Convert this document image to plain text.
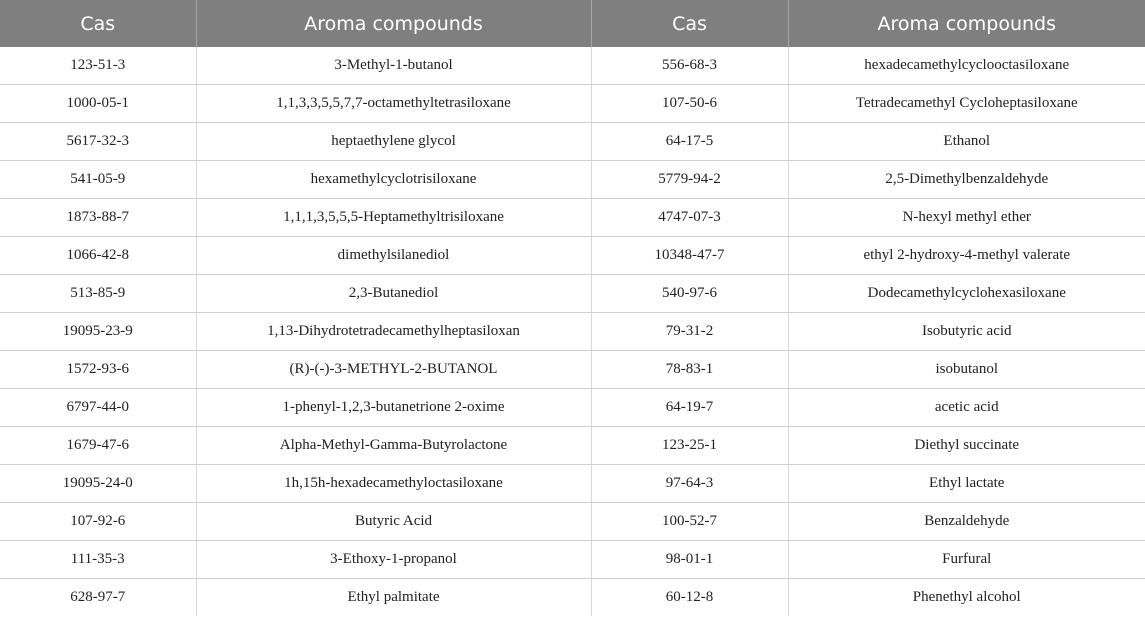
Cas	Aroma compounds	Cas	Aroma compounds
123-51-3	3-Methyl-1-butanol	556-68-3	hexadecamethylcyclooctasiloxane
1000-05-1	1,1,3,3,5,5,7,7-octamethyltetrasiloxane	107-50-6	Tetradecamethyl Cycloheptasiloxane
5617-32-3	heptaethylene glycol	64-17-5	Ethanol
541-05-9	hexamethylcyclotrisiloxane	5779-94-2	2,5-Dimethylbenzaldehyde
1873-88-7	1,1,1,3,5,5,5-Heptamethyltrisiloxane	4747-07-3	N-hexyl methyl ether
1066-42-8	dimethylsilanediol	10348-47-7	ethyl 2-hydroxy-4-methyl valerate
513-85-9	2,3-Butanediol	540-97-6	Dodecamethylcyclohexasiloxane
19095-23-9	1,13-Dihydrotetradecamethylheptasiloxan	79-31-2	Isobutyric acid
1572-93-6	(R)-(-)-3-METHYL-2-BUTANOL	78-83-1	isobutanol
6797-44-0	1-phenyl-1,2,3-butanetrione 2-oxime	64-19-7	acetic acid
1679-47-6	Alpha-Methyl-Gamma-Butyrolactone	123-25-1	Diethyl succinate
19095-24-0	1h,15h-hexadecamethyloctasiloxane	97-64-3	Ethyl lactate
107-92-6	Butyric Acid	100-52-7	Benzaldehyde
111-35-3	3-Ethoxy-1-propanol	98-01-1	Furfural
628-97-7	Ethyl palmitate	60-12-8	Phenethyl alcohol
